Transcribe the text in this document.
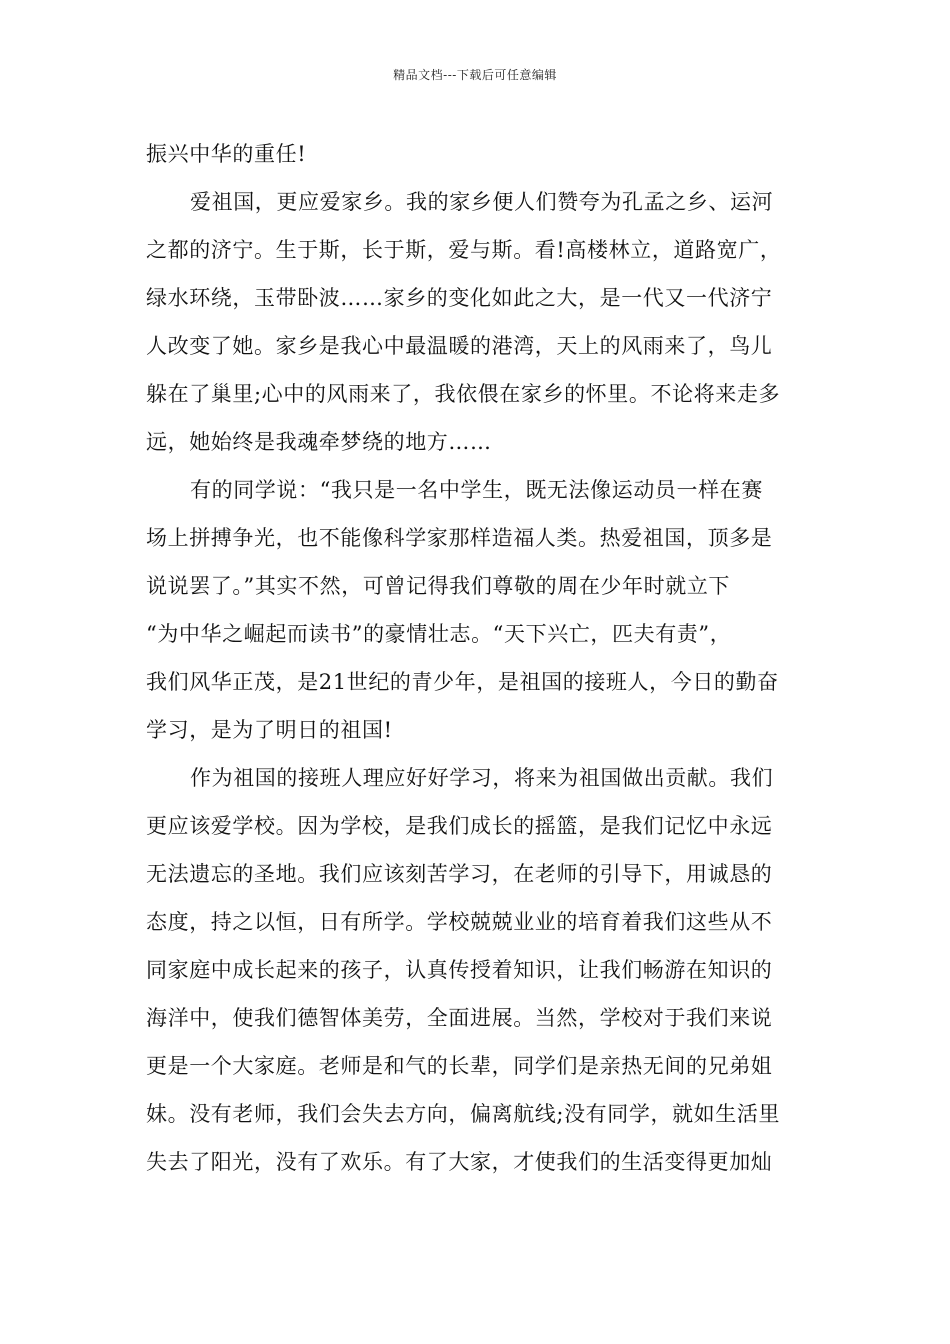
精品文档---下载后可任意编辑
振兴中华的重任!
爱祖国，更应爱家乡。我的家乡便人们赞夸为孔孟之乡、运河
之都的济宁。生于斯，长于斯，爱与斯。看!高楼林立，道路宽广，
绿水环绕，玉带卧波……家乡的变化如此之大，是一代又一代济宁
人改变了她。家乡是我心中最温暖的港湾，天上的风雨来了，鸟儿
躲在了巢里;心中的风雨来了，我依偎在家乡的怀里。不论将来走多
远，她始终是我魂牵梦绕的地方……
有的同学说：“我只是一名中学生，既无法像运动员一样在赛
场上拼搏争光，也不能像科学家那样造福人类。热爱祖国，顶多是
说说罢了。”其实不然，可曾记得我们尊敬的周在少年时就立下
“为中华之崛起而读书”的豪情壮志。“天下兴亡，匹夫有责”，
我们风华正茂，是21世纪的青少年，是祖国的接班人，今日的勤奋
学习，是为了明日的祖国!
作为祖国的接班人理应好好学习，将来为祖国做出贡献。我们
更应该爱学校。因为学校，是我们成长的摇篮，是我们记忆中永远
无法遗忘的圣地。我们应该刻苦学习，在老师的引导下，用诚恳的
态度，持之以恒，日有所学。学校兢兢业业的培育着我们这些从不
同家庭中成长起来的孩子，认真传授着知识，让我们畅游在知识的
海洋中，使我们德智体美劳，全面进展。当然，学校对于我们来说
更是一个大家庭。老师是和气的长辈，同学们是亲热无间的兄弟姐
妹。没有老师，我们会失去方向，偏离航线;没有同学，就如生活里
失去了阳光，没有了欢乐。有了大家，才使我们的生活变得更加灿
